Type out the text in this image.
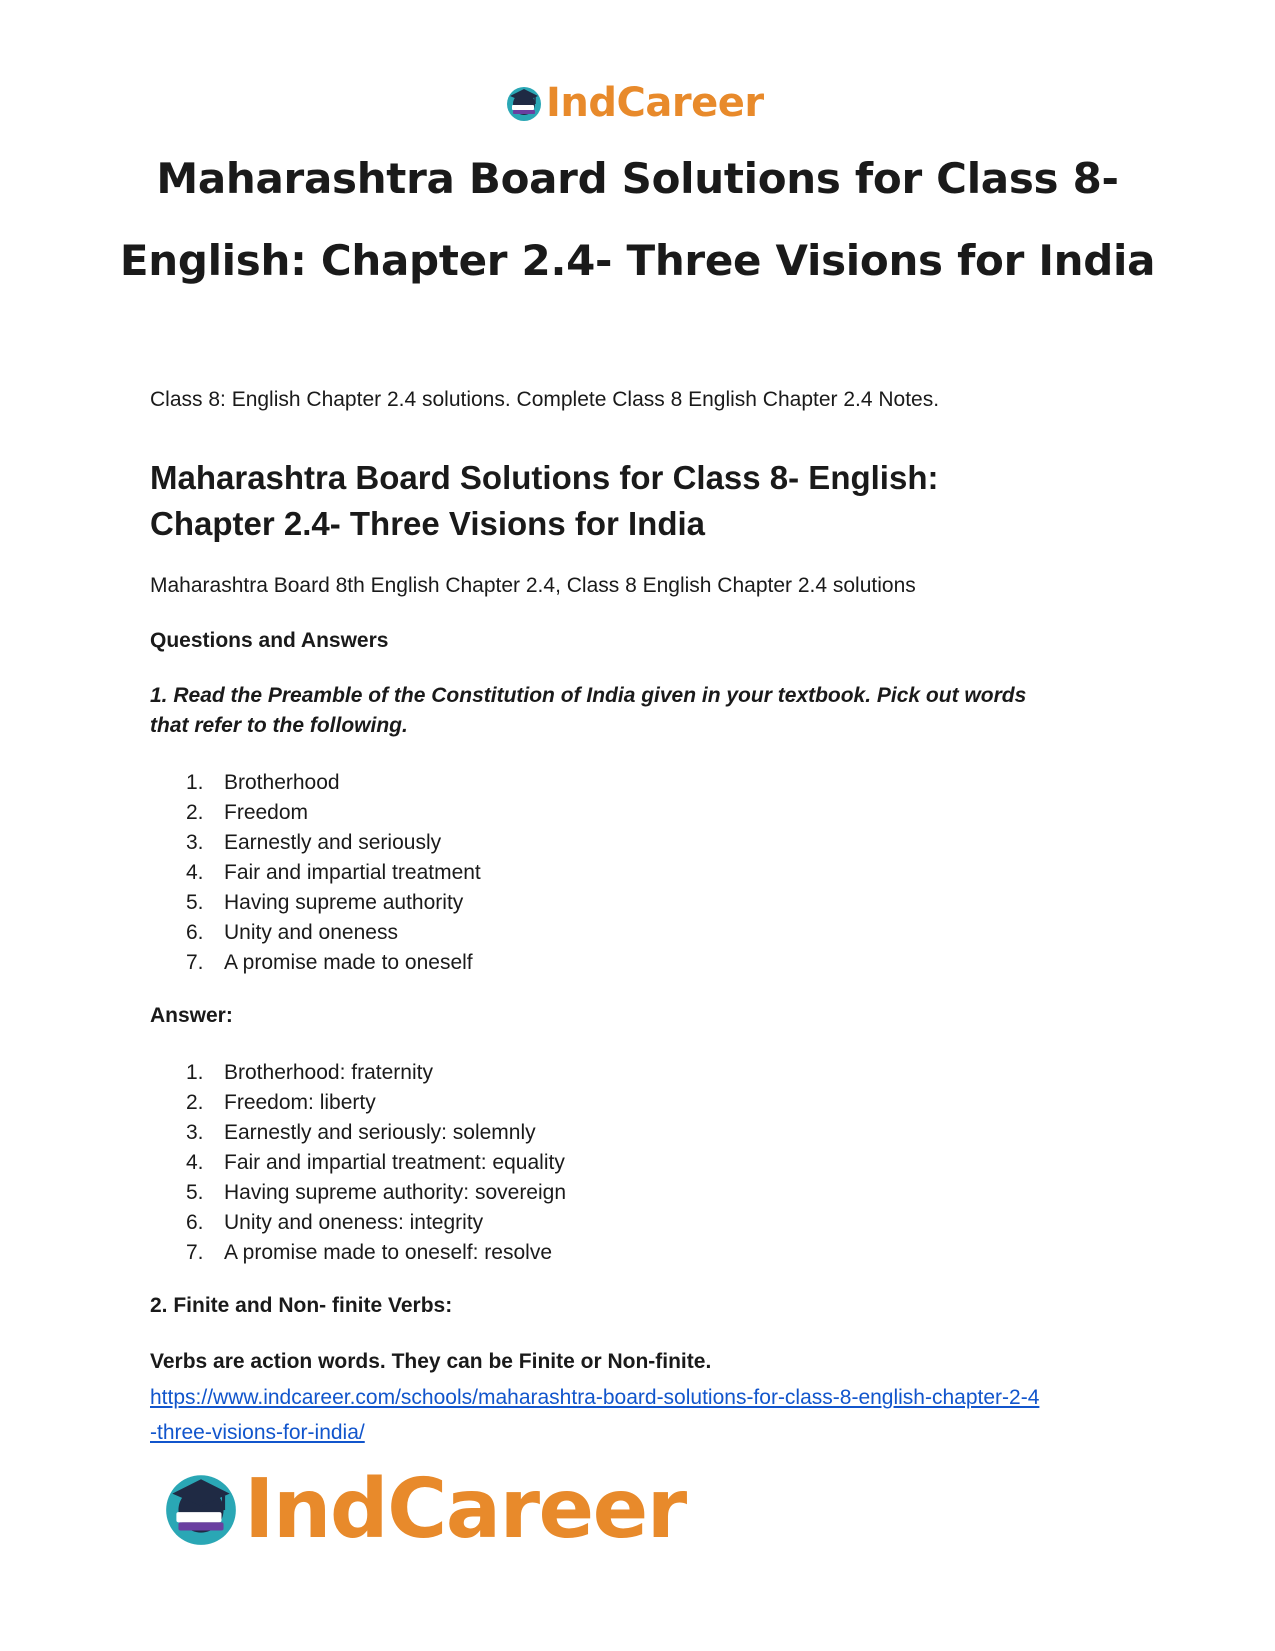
IndCareer
Maharashtra Board Solutions for Class 8-
English: Chapter 2.4- Three Visions for India

Class 8: English Chapter 2.4 solutions. Complete Class 8 English Chapter 2.4 Notes.

Maharashtra Board Solutions for Class 8- English:
Chapter 2.4- Three Visions for India

Maharashtra Board 8th English Chapter 2.4, Class 8 English Chapter 2.4 solutions

Questions and Answers

1. Read the Preamble of the Constitution of India given in your textbook. Pick out words
that refer to the following.

1. Brotherhood
2. Freedom
3. Earnestly and seriously
4. Fair and impartial treatment
5. Having supreme authority
6. Unity and oneness
7. A promise made to oneself

Answer:

1. Brotherhood: fraternity
2. Freedom: liberty
3. Earnestly and seriously: solemnly
4. Fair and impartial treatment: equality
5. Having supreme authority: sovereign
6. Unity and oneness: integrity
7. A promise made to oneself: resolve

2. Finite and Non- finite Verbs:

Verbs are action words. They can be Finite or Non-finite.

https://www.indcareer.com/schools/maharashtra-board-solutions-for-class-8-english-chapter-2-4
-three-visions-for-india/

IndCareer
